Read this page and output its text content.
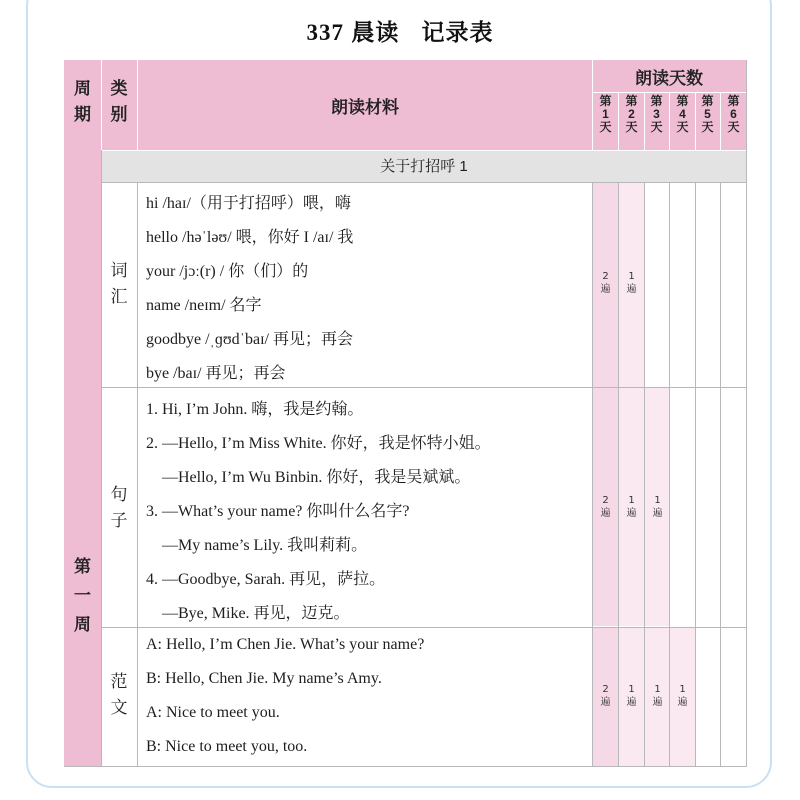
337 晨读 记录表
关于打招呼 1
周
期
类
别	朗读材料
朗读天数
第
1
天
第
2
天
第
3
天
第
4
天
第
5
天
第
6
天
第
一
周
词
汇
句
子
范
文
hi /haɪ/（用于打招呼）喂，嗨
hello /həˈləʊ/ 喂，你好 I /aɪ/ 我
your /jɔː(r) / 你（们）的
name /neɪm/ 名字
goodbye /ˌɡʊdˈbaɪ/ 再见；再会
bye /baɪ/ 再见；再会
1. Hi, I’m John. 嗨，我是约翰。
2. —Hello, I’m Miss White. 你好，我是怀特小姐。
—Hello, I’m Wu Binbin. 你好，我是吴斌斌。
3. —What’s your name? 你叫什么名字?
—My name’s Lily. 我叫莉莉。
4. —Goodbye, Sarah. 再见，萨拉。
—Bye, Mike. 再见，迈克。
A: Hello, I’m Chen Jie. What’s your name?
B: Hello, Chen Jie. My name’s Amy.
A: Nice to meet you.
B: Nice to meet you, too.
2
遍
1
遍
2
遍
1
遍
1
遍
2
遍
1
遍
1
遍
1
遍
